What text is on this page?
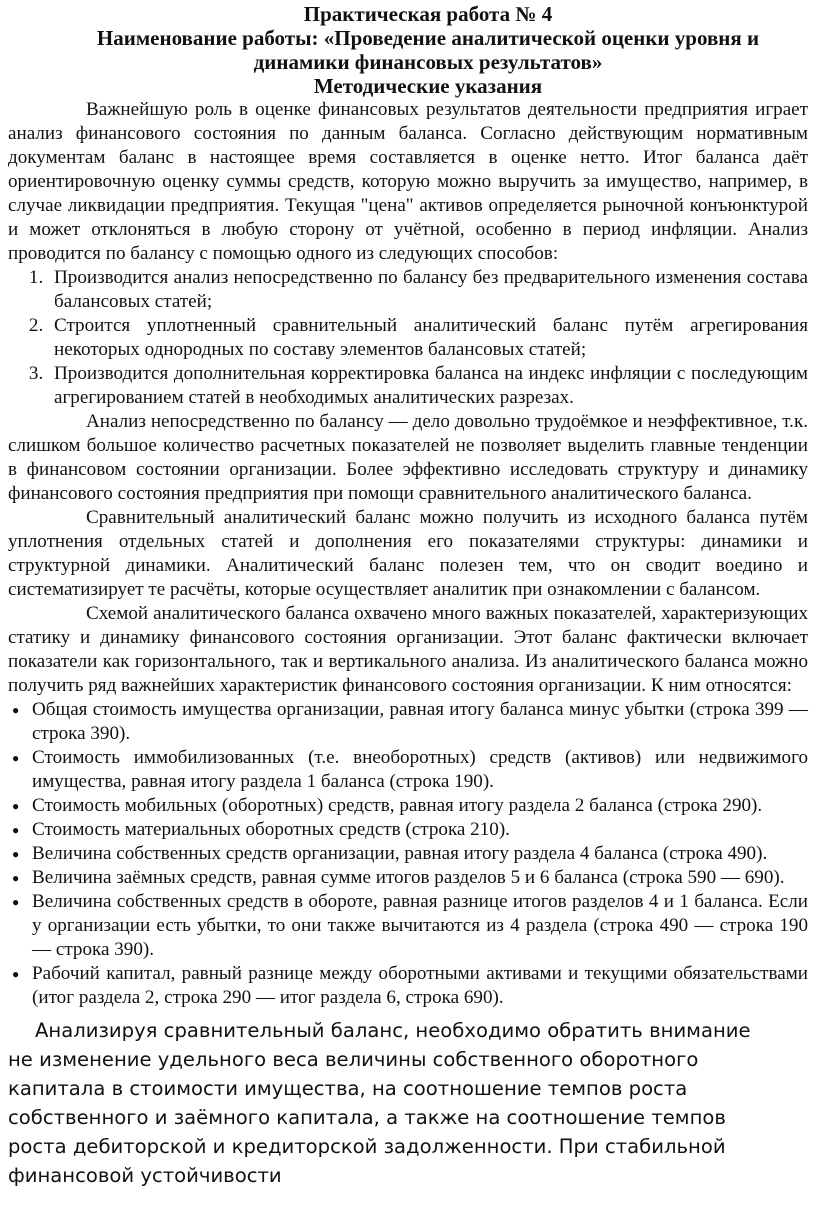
Практическая работа № 4
Наименование работы: «Проведение аналитической оценки уровня и
динамики финансовых результатов»
Методические указания

Важнейшую роль в оценке финансовых результатов деятельности предприятия играет анализ финансового состояния по данным баланса. Согласно действующим нормативным документам баланс в настоящее время составляется в оценке нетто. Итог баланса даёт ориентировочную оценку суммы средств, которую можно выручить за имущество, например, в случае ликвидации предприятия. Текущая "цена" активов определяется рыночной конъюнктурой и может отклоняться в любую сторону от учётной, особенно в период инфляции. Анализ проводится по балансу с помощью одного из следующих способов:

1. Производится анализ непосредственно по балансу без предварительного изменения состава балансовых статей;
2. Строится уплотненный сравнительный аналитический баланс путём агрегирования некоторых однородных по составу элементов балансовых статей;
3. Производится дополнительная корректировка баланса на индекс инфляции с последующим агрегированием статей в необходимых аналитических разрезах.

Анализ непосредственно по балансу — дело довольно трудоёмкое и неэффективное, т.к. слишком большое количество расчетных показателей не позволяет выделить главные тенденции в финансовом состоянии организации. Более эффективно исследовать структуру и динамику финансового состояния предприятия при помощи сравнительного аналитического баланса.

Сравнительный аналитический баланс можно получить из исходного баланса путём уплотнения отдельных статей и дополнения его показателями структуры: динамики и структурной динамики. Аналитический баланс полезен тем, что он сводит воедино и систематизирует те расчёты, которые осуществляет аналитик при ознакомлении с балансом.

Схемой аналитического баланса охвачено много важных показателей, характеризующих статику и динамику финансового состояния организации. Этот баланс фактически включает показатели как горизонтального, так и вертикального анализа. Из аналитического баланса можно получить ряд важнейших характеристик финансового состояния организации. К ним относятся:

● Общая стоимость имущества организации, равная итогу баланса минус убытки (строка 399 — строка 390).
● Стоимость иммобилизованных (т.е. внеоборотных) средств (активов) или недвижимого имущества, равная итогу раздела 1 баланса (строка 190).
● Стоимость мобильных (оборотных) средств, равная итогу раздела 2 баланса (строка 290).
● Стоимость материальных оборотных средств (строка 210).
● Величина собственных средств организации, равная итогу раздела 4 баланса (строка 490).
● Величина заёмных средств, равная сумме итогов разделов 5 и 6 баланса (строка 590 — 690).
● Величина собственных средств в обороте, равная разнице итогов разделов 4 и 1 баланса. Если у организации есть убытки, то они также вычитаются из 4 раздела (строка 490 — строка 190 — строка 390).
● Рабочий капитал, равный разнице между оборотными активами и текущими обязательствами (итог раздела 2, строка 290 — итог раздела 6, строка 690).

Анализируя сравнительный баланс, необходимо обратить внимание не изменение удельного веса величины собственного оборотного капитала в стоимости имущества, на соотношение темпов роста собственного и заёмного капитала, а также на соотношение темпов роста дебиторской и кредиторской задолженности. При стабильной финансовой устойчивости
